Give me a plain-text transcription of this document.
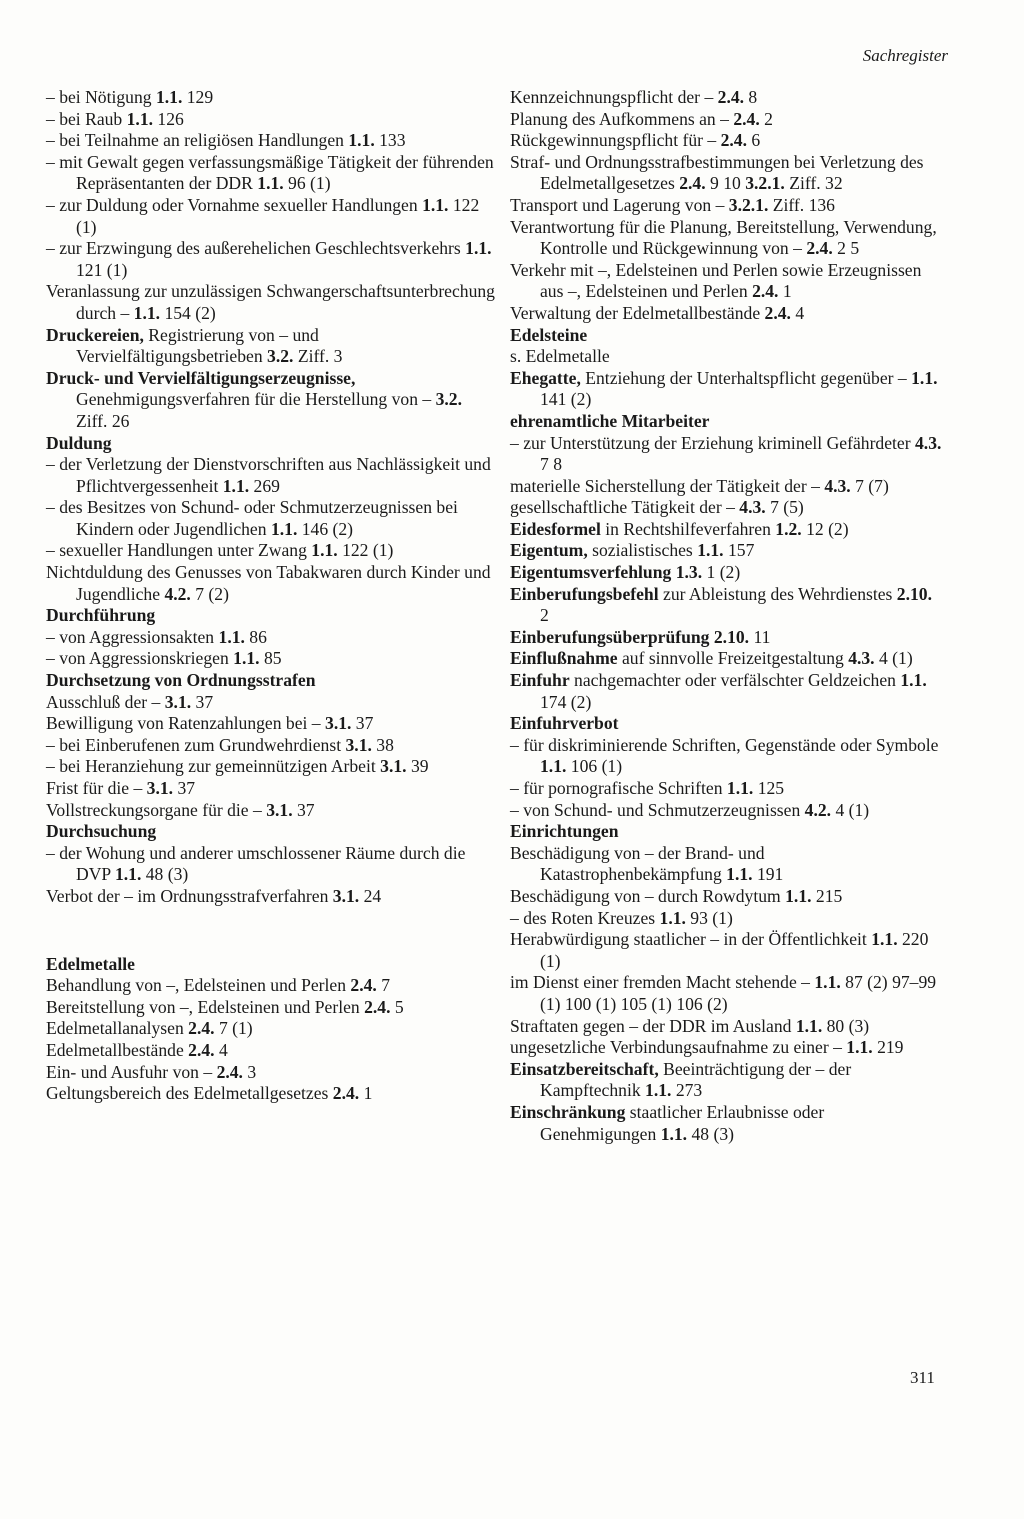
Sachregister
– bei Nötigung 1.1. 129
– bei Raub 1.1. 126
– bei Teilnahme an religiösen Handlungen 1.1. 133
– mit Gewalt gegen verfassungsmäßige Tätigkeit der führenden Repräsentanten der DDR 1.1. 96 (1)
– zur Duldung oder Vornahme sexueller Handlungen 1.1. 122 (1)
– zur Erzwingung des außerehelichen Geschlechtsverkehrs 1.1. 121 (1)
Veranlassung zur unzulässigen Schwangerschaftsunterbrechung durch – 1.1. 154 (2)
Druckereien, Registrierung von – und Vervielfältigungsbetrieben 3.2. Ziff. 3
Druck- und Vervielfältigungserzeugnisse, Genehmigungsverfahren für die Herstellung von – 3.2. Ziff. 26
Duldung
– der Verletzung der Dienstvorschriften aus Nachlässigkeit und Pflichtvergessenheit 1.1. 269
– des Besitzes von Schund- oder Schmutzerzeugnissen bei Kindern oder Jugendlichen 1.1. 146 (2)
– sexueller Handlungen unter Zwang 1.1. 122 (1)
Nichtduldung des Genusses von Tabakwaren durch Kinder und Jugendliche 4.2. 7 (2)
Durchführung
– von Aggressionsakten 1.1. 86
– von Aggressionskriegen 1.1. 85
Durchsetzung von Ordnungsstrafen
Ausschluß der – 3.1. 37
Bewilligung von Ratenzahlungen bei – 3.1. 37
– bei Einberufenen zum Grundwehrdienst 3.1. 38
– bei Heranziehung zur gemeinnützigen Arbeit 3.1. 39
Frist für die – 3.1. 37
Vollstreckungsorgane für die – 3.1. 37
Durchsuchung
– der Wohung und anderer umschlossener Räume durch die DVP 1.1. 48 (3)
Verbot der – im Ordnungsstrafverfahren 3.1. 24
Edelmetalle
Behandlung von –, Edelsteinen und Perlen 2.4. 7
Bereitstellung von –, Edelsteinen und Perlen 2.4. 5
Edelmetallanalysen 2.4. 7 (1)
Edelmetallbestände 2.4. 4
Ein- und Ausfuhr von – 2.4. 3
Geltungsbereich des Edelmetallgesetzes 2.4. 1
Kennzeichnungspflicht der – 2.4. 8
Planung des Aufkommens an – 2.4. 2
Rückgewinnungspflicht für – 2.4. 6
Straf- und Ordnungsstrafbestimmungen bei Verletzung des Edelmetallgesetzes 2.4. 9 10 3.2.1. Ziff. 32
Transport und Lagerung von – 3.2.1. Ziff. 136
Verantwortung für die Planung, Bereitstellung, Verwendung, Kontrolle und Rückgewinnung von – 2.4. 2 5
Verkehr mit –, Edelsteinen und Perlen sowie Erzeugnissen aus –, Edelsteinen und Perlen 2.4. 1
Verwaltung der Edelmetallbestände 2.4. 4
Edelsteine
s. Edelmetalle
Ehegatte, Entziehung der Unterhaltspflicht gegenüber – 1.1. 141 (2)
ehrenamtliche Mitarbeiter
– zur Unterstützung der Erziehung kriminell Gefährdeter 4.3. 7 8
materielle Sicherstellung der Tätigkeit der – 4.3. 7 (7)
gesellschaftliche Tätigkeit der – 4.3. 7 (5)
Eidesformel in Rechtshilfeverfahren 1.2. 12 (2)
Eigentum, sozialistisches 1.1. 157
Eigentumsverfehlung 1.3. 1 (2)
Einberufungsbefehl zur Ableistung des Wehrdienstes 2.10. 2
Einberufungsüberprüfung 2.10. 11
Einflußnahme auf sinnvolle Freizeitgestaltung 4.3. 4 (1)
Einfuhr nachgemachter oder verfälschter Geldzeichen 1.1. 174 (2)
Einfuhrverbot
– für diskriminierende Schriften, Gegenstände oder Symbole 1.1. 106 (1)
– für pornografische Schriften 1.1. 125
– von Schund- und Schmutzerzeugnissen 4.2. 4 (1)
Einrichtungen
Beschädigung von – der Brand- und Katastrophenbekämpfung 1.1. 191
Beschädigung von – durch Rowdytum 1.1. 215
– des Roten Kreuzes 1.1. 93 (1)
Herabwürdigung staatlicher – in der Öffentlichkeit 1.1. 220 (1)
im Dienst einer fremden Macht stehende – 1.1. 87 (2) 97–99 (1) 100 (1) 105 (1) 106 (2)
Straftaten gegen – der DDR im Ausland 1.1. 80 (3)
ungesetzliche Verbindungsaufnahme zu einer – 1.1. 219
Einsatzbereitschaft, Beeinträchtigung der – der Kampftechnik 1.1. 273
Einschränkung staatlicher Erlaubnisse oder Genehmigungen 1.1. 48 (3)
311
